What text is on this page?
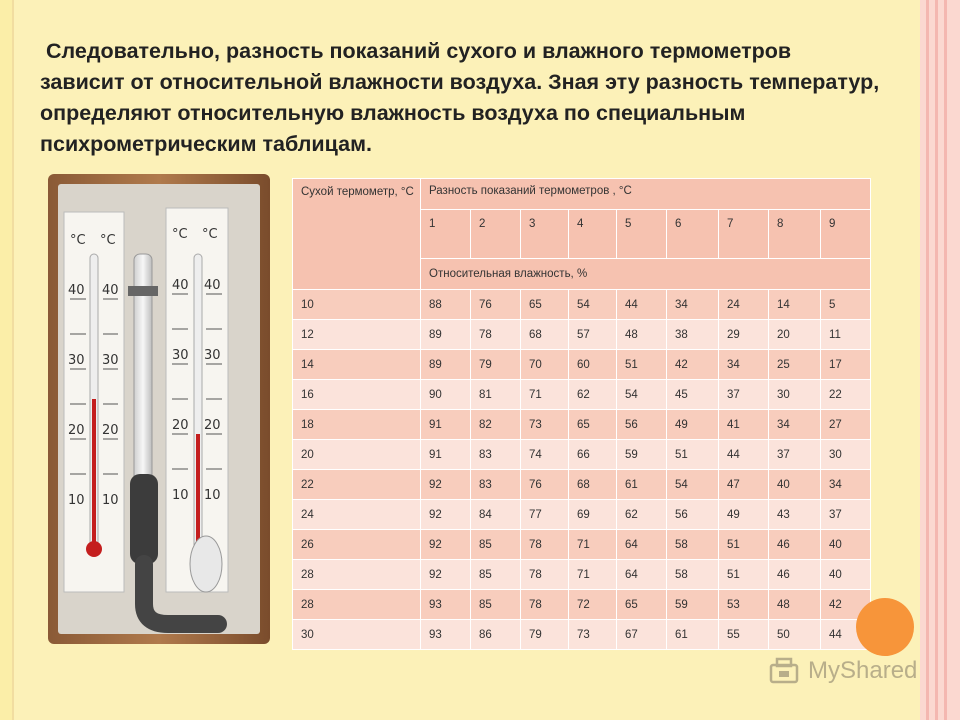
Следовательно, разность показаний сухого и влажного термометров зависит от относительной влажности воздуха. Зная эту разность температур, определяют относительную влажность воздуха по специальным психрометрическим таблицам.

°C °C	°C °C
40 40
30 30
20 20
10 10
40 40
30 30
20 20
10 10
Сухой термометр, °С	Разность показаний термометров , °С								
	1	2	3	4	5	6	7	8	9
	Относительная влажность, %								
10	88	76	65	54	44	34	24	14	5
12	89	78	68	57	48	38	29	20	11
14	89	79	70	60	51	42	34	25	17
16	90	81	71	62	54	45	37	30	22
18	91	82	73	65	56	49	41	34	27
20	91	83	74	66	59	51	44	37	30
22	92	83	76	68	61	54	47	40	34
24	92	84	77	69	62	56	49	43	37
26	92	85	78	71	64	58	51	46	40
28	92	85	78	71	64	58	51	46	40
28	93	85	78	72	65	59	53	48	42
30	93	86	79	73	67	61	55	50	44
MyShared
